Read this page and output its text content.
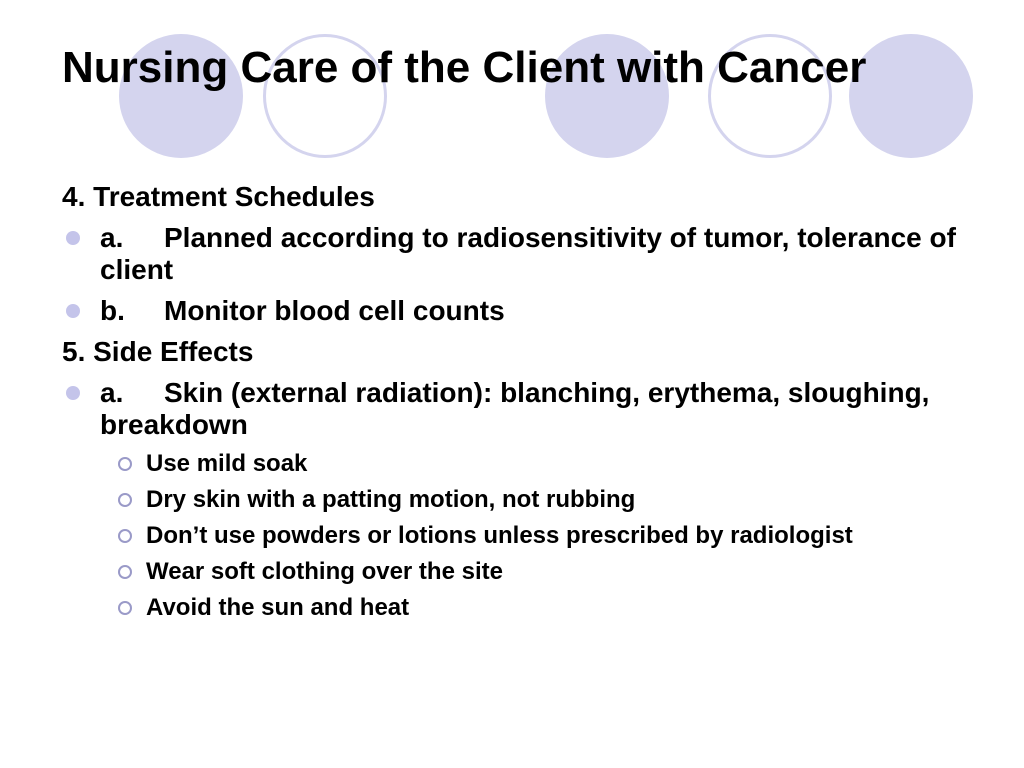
Nursing Care of the Client with Cancer
4. Treatment Schedules
a. Planned according to radiosensitivity of tumor, tolerance of client
b. Monitor blood cell counts
5. Side Effects
a. Skin (external radiation): blanching, erythema, sloughing, breakdown
Use mild soak
Dry skin with a patting motion, not rubbing
Don’t use powders or lotions unless prescribed by radiologist
Wear soft clothing over the site
Avoid the sun and heat
